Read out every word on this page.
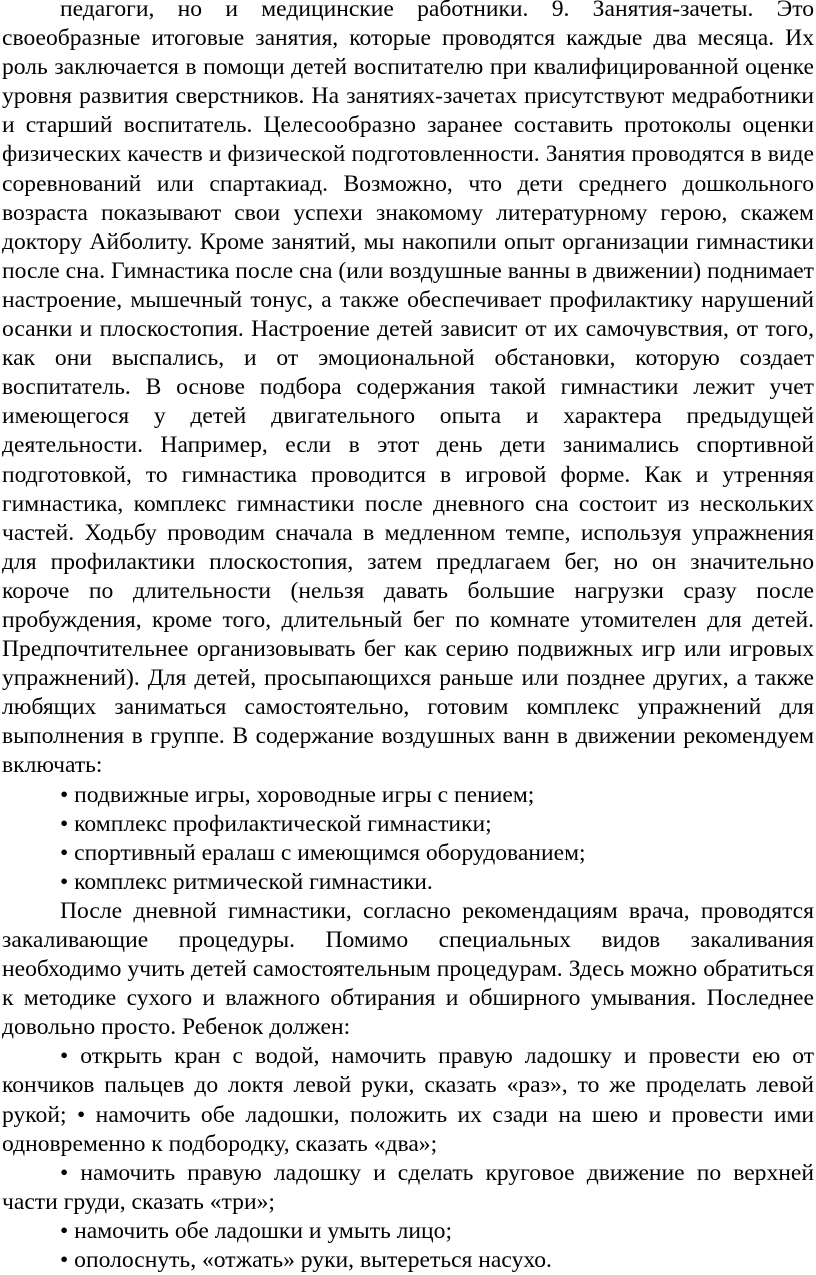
педагоги, но и медицинские работники. 9. Занятия-зачеты. Это своеобразные итоговые занятия, которые проводятся каждые два месяца. Их роль заключается в помощи детей воспитателю при квалифицированной оценке уровня развития сверстников. На занятиях-зачетах присутствуют медработники и старший воспитатель. Целесообразно заранее составить протоколы оценки физических качеств и физической подготовленности. Занятия проводятся в виде соревнований или спартакиад. Возможно, что дети среднего дошкольного возраста показывают свои успехи знакомому литературному герою, скажем доктору Айболиту. Кроме занятий, мы накопили опыт организации гимнастики после сна. Гимнастика после сна (или воздушные ванны в движении) поднимает настроение, мышечный тонус, а также обеспечивает профилактику нарушений осанки и плоскостопия. Настроение детей зависит от их самочувствия, от того, как они выспались, и от эмоциональной обстановки, которую создает воспитатель. В основе подбора содержания такой гимнастики лежит учет имеющегося у детей двигательного опыта и характера предыдущей деятельности. Например, если в этот день дети занимались спортивной подготовкой, то гимнастика проводится в игровой форме. Как и утренняя гимнастика, комплекс гимнастики после дневного сна состоит из нескольких частей. Ходьбу проводим сначала в медленном темпе, используя упражнения для профилактики плоскостопия, затем предлагаем бег, но он значительно короче по длительности (нельзя давать большие нагрузки сразу после пробуждения, кроме того, длительный бег по комнате утомителен для детей. Предпочтительнее организовывать бег как серию подвижных игр или игровых упражнений). Для детей, просыпающихся раньше или позднее других, а также любящих заниматься самостоятельно, готовим комплекс упражнений для выполнения в группе. В содержание воздушных ванн в движении рекомендуем включать:

• подвижные игры, хороводные игры с пением;

• комплекс профилактической гимнастики;

• спортивный ералаш с имеющимся оборудованием;

• комплекс ритмической гимнастики.

После дневной гимнастики, согласно рекомендациям врача, проводятся закаливающие процедуры. Помимо специальных видов закаливания необходимо учить детей самостоятельным процедурам. Здесь можно обратиться к методике сухого и влажного обтирания и обширного умывания. Последнее довольно просто. Ребенок должен:

• открыть кран с водой, намочить правую ладошку и провести ею от кончиков пальцев до локтя левой руки, сказать «раз», то же проделать левой рукой; • намочить обе ладошки, положить их сзади на шею и провести ими одновременно к подбородку, сказать «два»;

• намочить правую ладошку и сделать круговое движение по верхней части груди, сказать «три»;

• намочить обе ладошки и умыть лицо;

• ополоснуть, «отжать» руки, вытереться насухо.
